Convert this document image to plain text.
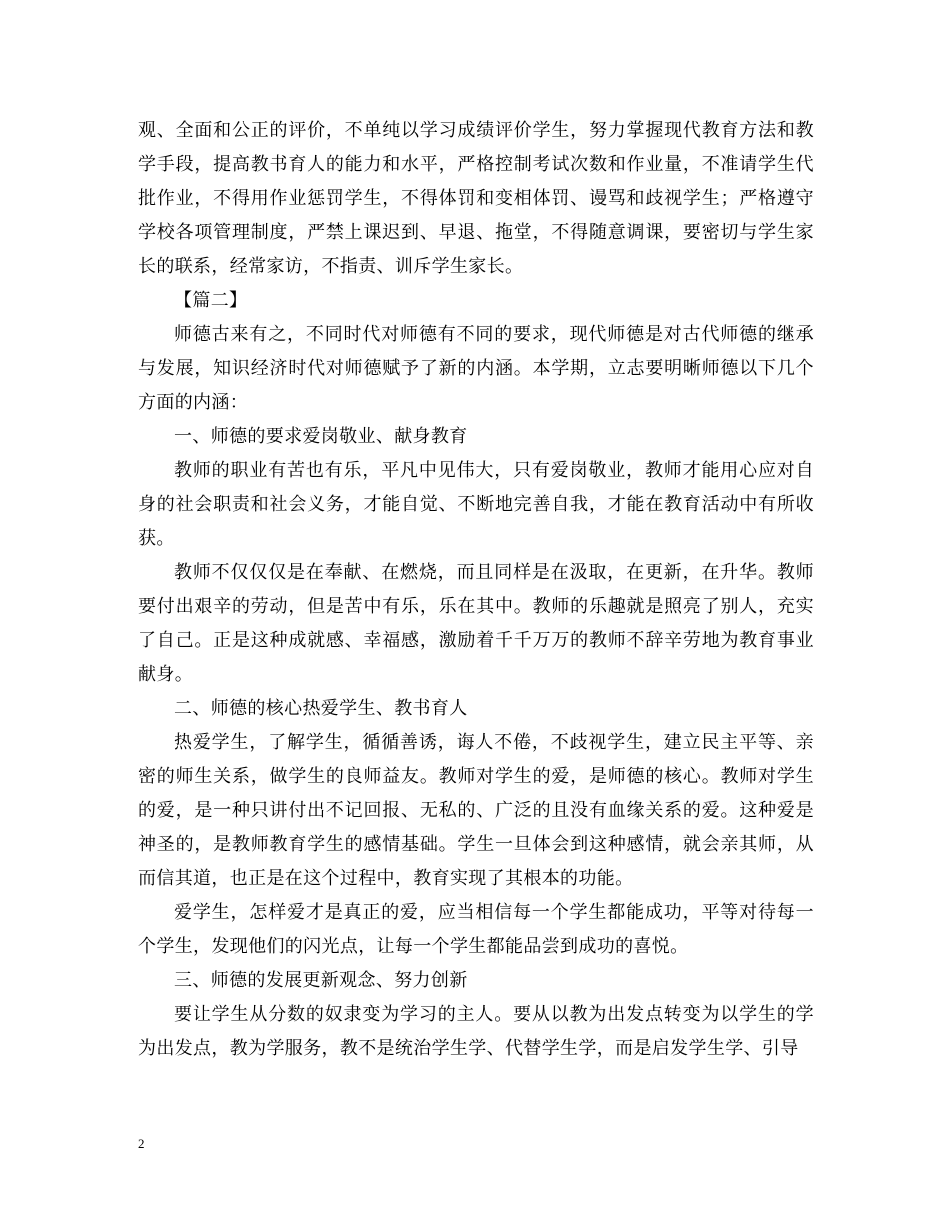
观、全面和公正的评价，不单纯以学习成绩评价学生，努力掌握现代教育方法和教学手段，提高教书育人的能力和水平，严格控制考试次数和作业量，不准请学生代批作业，不得用作业惩罚学生，不得体罚和变相体罚、谩骂和歧视学生；严格遵守学校各项管理制度，严禁上课迟到、早退、拖堂，不得随意调课，要密切与学生家长的联系，经常家访，不指责、训斥学生家长。

【篇二】

师德古来有之，不同时代对师德有不同的要求，现代师德是对古代师德的继承与发展，知识经济时代对师德赋予了新的内涵。本学期，立志要明晰师德以下几个方面的内涵：

一、师德的要求爱岗敬业、献身教育

教师的职业有苦也有乐，平凡中见伟大，只有爱岗敬业，教师才能用心应对自身的社会职责和社会义务，才能自觉、不断地完善自我，才能在教育活动中有所收获。

教师不仅仅仅是在奉献、在燃烧，而且同样是在汲取，在更新，在升华。教师要付出艰辛的劳动，但是苦中有乐，乐在其中。教师的乐趣就是照亮了别人，充实了自己。正是这种成就感、幸福感，激励着千千万万的教师不辞辛劳地为教育事业献身。

二、师德的核心热爱学生、教书育人

热爱学生，了解学生，循循善诱，诲人不倦，不歧视学生，建立民主平等、亲密的师生关系，做学生的良师益友。教师对学生的爱，是师德的核心。教师对学生的爱，是一种只讲付出不记回报、无私的、广泛的且没有血缘关系的爱。这种爱是神圣的，是教师教育学生的感情基础。学生一旦体会到这种感情，就会亲其师，从而信其道，也正是在这个过程中，教育实现了其根本的功能。

爱学生，怎样爱才是真正的爱，应当相信每一个学生都能成功，平等对待每一个学生，发现他们的闪光点，让每一个学生都能品尝到成功的喜悦。

三、师德的发展更新观念、努力创新

要让学生从分数的奴隶变为学习的主人。要从以教为出发点转变为以学生的学为出发点，教为学服务，教不是统治学生学、代替学生学，而是启发学生学、引导

2
